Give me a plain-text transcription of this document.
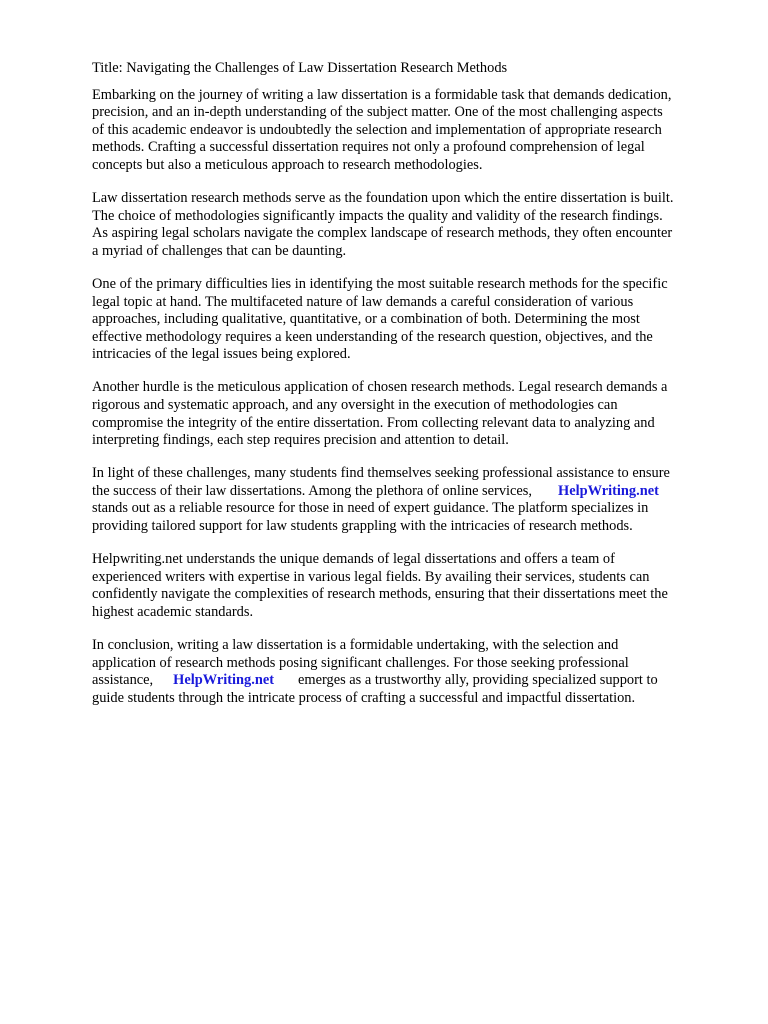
Title: Navigating the Challenges of Law Dissertation Research Methods
Embarking on the journey of writing a law dissertation is a formidable task that demands dedication,
precision, and an in-depth understanding of the subject matter. One of the most challenging aspects
of this academic endeavor is undoubtedly the selection and implementation of appropriate research
methods. Crafting a successful dissertation requires not only a profound comprehension of legal
concepts but also a meticulous approach to research methodologies.
Law dissertation research methods serve as the foundation upon which the entire dissertation is built.
The choice of methodologies significantly impacts the quality and validity of the research findings.
As aspiring legal scholars navigate the complex landscape of research methods, they often encounter
a myriad of challenges that can be daunting.
One of the primary difficulties lies in identifying the most suitable research methods for the specific
legal topic at hand. The multifaceted nature of law demands a careful consideration of various
approaches, including qualitative, quantitative, or a combination of both. Determining the most
effective methodology requires a keen understanding of the research question, objectives, and the
intricacies of the legal issues being explored.
Another hurdle is the meticulous application of chosen research methods. Legal research demands a
rigorous and systematic approach, and any oversight in the execution of methodologies can
compromise the integrity of the entire dissertation. From collecting relevant data to analyzing and
interpreting findings, each step requires precision and attention to detail.
In light of these challenges, many students find themselves seeking professional assistance to ensure
the success of their law dissertations. Among the plethora of online services, HelpWriting.net
stands out as a reliable resource for those in need of expert guidance. The platform specializes in
providing tailored support for law students grappling with the intricacies of research methods.
Helpwriting.net understands the unique demands of legal dissertations and offers a team of
experienced writers with expertise in various legal fields. By availing their services, students can
confidently navigate the complexities of research methods, ensuring that their dissertations meet the
highest academic standards.
In conclusion, writing a law dissertation is a formidable undertaking, with the selection and
application of research methods posing significant challenges. For those seeking professional
assistance, HelpWriting.net emerges as a trustworthy ally, providing specialized support to
guide students through the intricate process of crafting a successful and impactful dissertation.
